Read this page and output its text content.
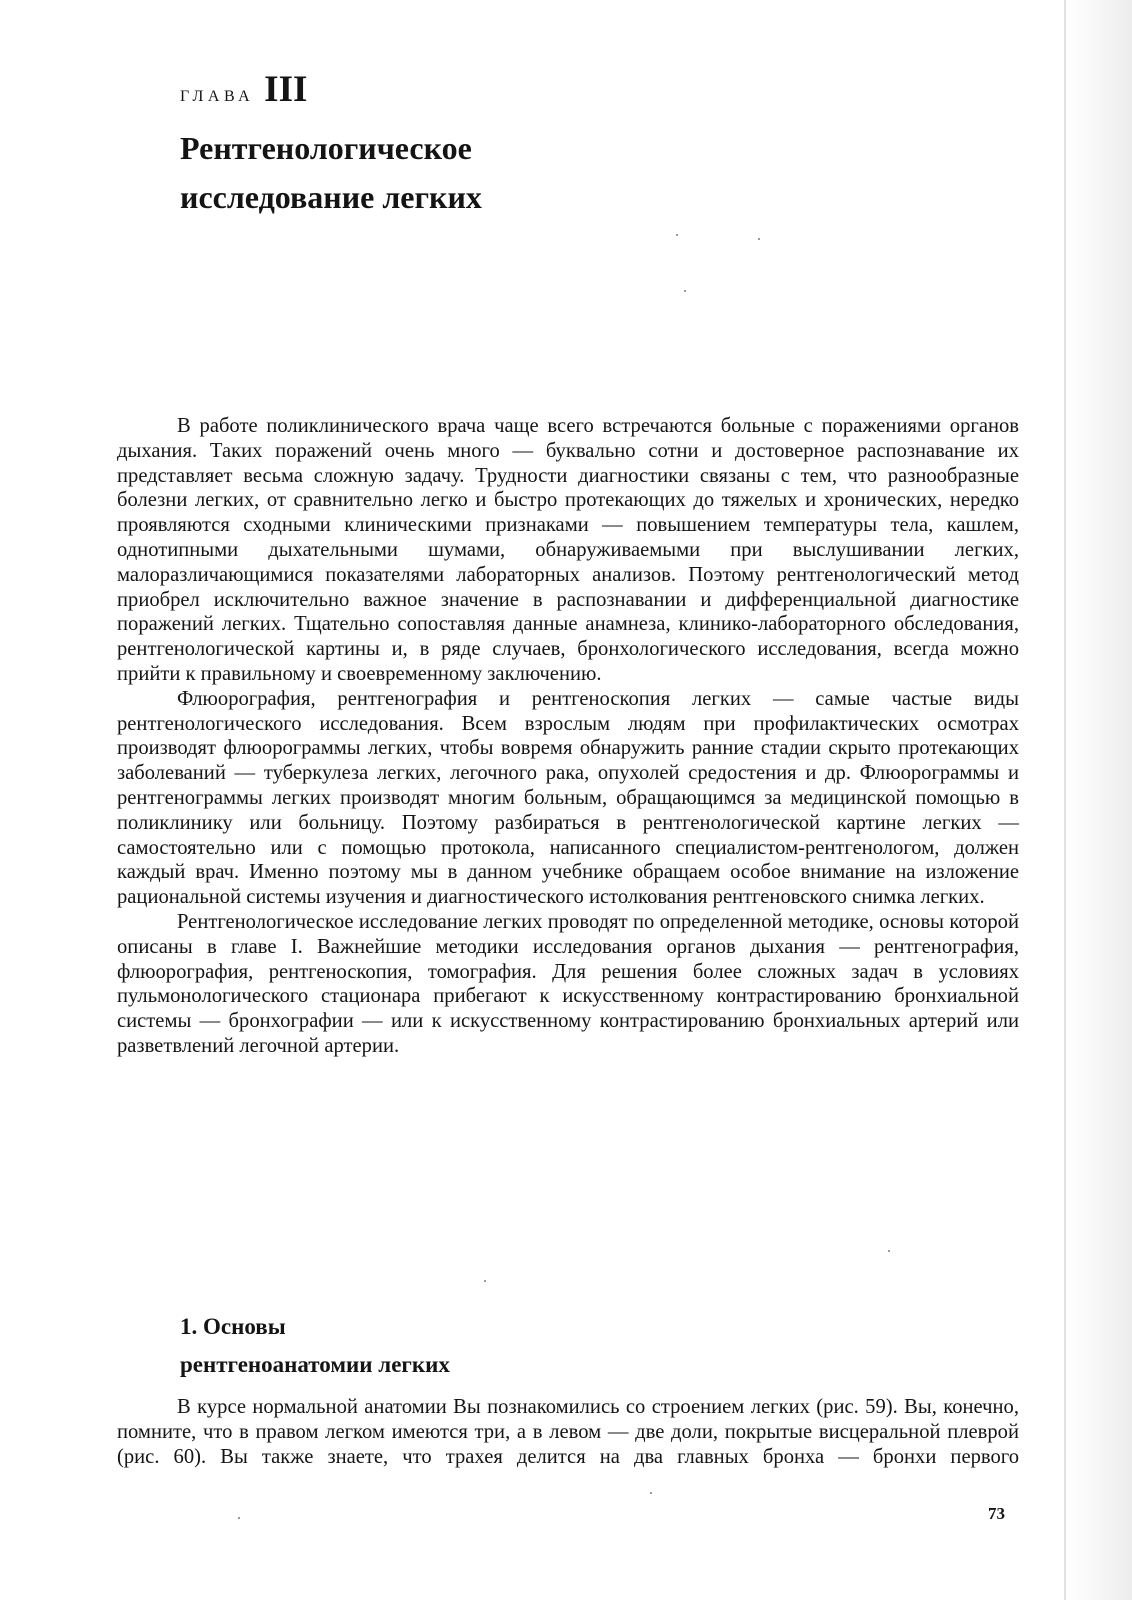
ГЛАВА III
Рентгенологическое
исследование легких

В работе поликлинического врача чаще всего встречаются больные с поражениями органов дыхания. Таких поражений очень много — буквально сотни и достоверное распознавание их представляет весьма сложную задачу. Трудности диагностики связаны с тем, что разнообразные болезни легких, от сравнительно легко и быстро протекающих до тяжелых и хронических, нередко проявляются сходными клиническими признаками — повышением температуры тела, кашлем, однотипными дыхательными шумами, обнаруживаемыми при выслушивании легких, малоразличающимися показателями лабораторных анализов. Поэтому рентгенологический метод приобрел исключительно важное значение в распознавании и дифференциальной диагностике поражений легких. Тщательно сопоставляя данные анамнеза, клинико-лабораторного обследования, рентгенологической картины и, в ряде случаев, бронхологического исследования, всегда можно прийти к правильному и своевременному заключению.

Флюорография, рентгенография и рентгеноскопия легких — самые частые виды рентгенологического исследования. Всем взрослым людям при профилактических осмотрах производят флюорограммы легких, чтобы вовремя обнаружить ранние стадии скрыто протекающих заболеваний — туберкулеза легких, легочного рака, опухолей средостения и др. Флюорограммы и рентгенограммы легких производят многим больным, обращающимся за медицинской помощью в поликлинику или больницу. Поэтому разбираться в рентгенологической картине легких — самостоятельно или с помощью протокола, написанного специалистом-рентгенологом, должен каждый врач. Именно поэтому мы в данном учебнике обращаем особое внимание на изложение рациональной системы изучения и диагностического истолкования рентгеновского снимка легких.

Рентгенологическое исследование легких проводят по определенной методике, основы которой описаны в главе I. Важнейшие методики исследования органов дыхания — рентгенография, флюорография, рентгеноскопия, томография. Для решения более сложных задач в условиях пульмонологического стационара прибегают к искусственному контрастированию бронхиальной системы — бронхографии — или к искусственному контрастированию бронхиальных артерий или разветвлений легочной артерии.

1. Основы
рентгеноанатомии легких

В курсе нормальной анатомии Вы познакомились со строением легких (рис. 59). Вы, конечно, помните, что в правом легком имеются три, а в левом — две доли, покрытые висцеральной плеврой (рис. 60). Вы также знаете, что трахея делится на два главных бронха — бронхи первого

73
